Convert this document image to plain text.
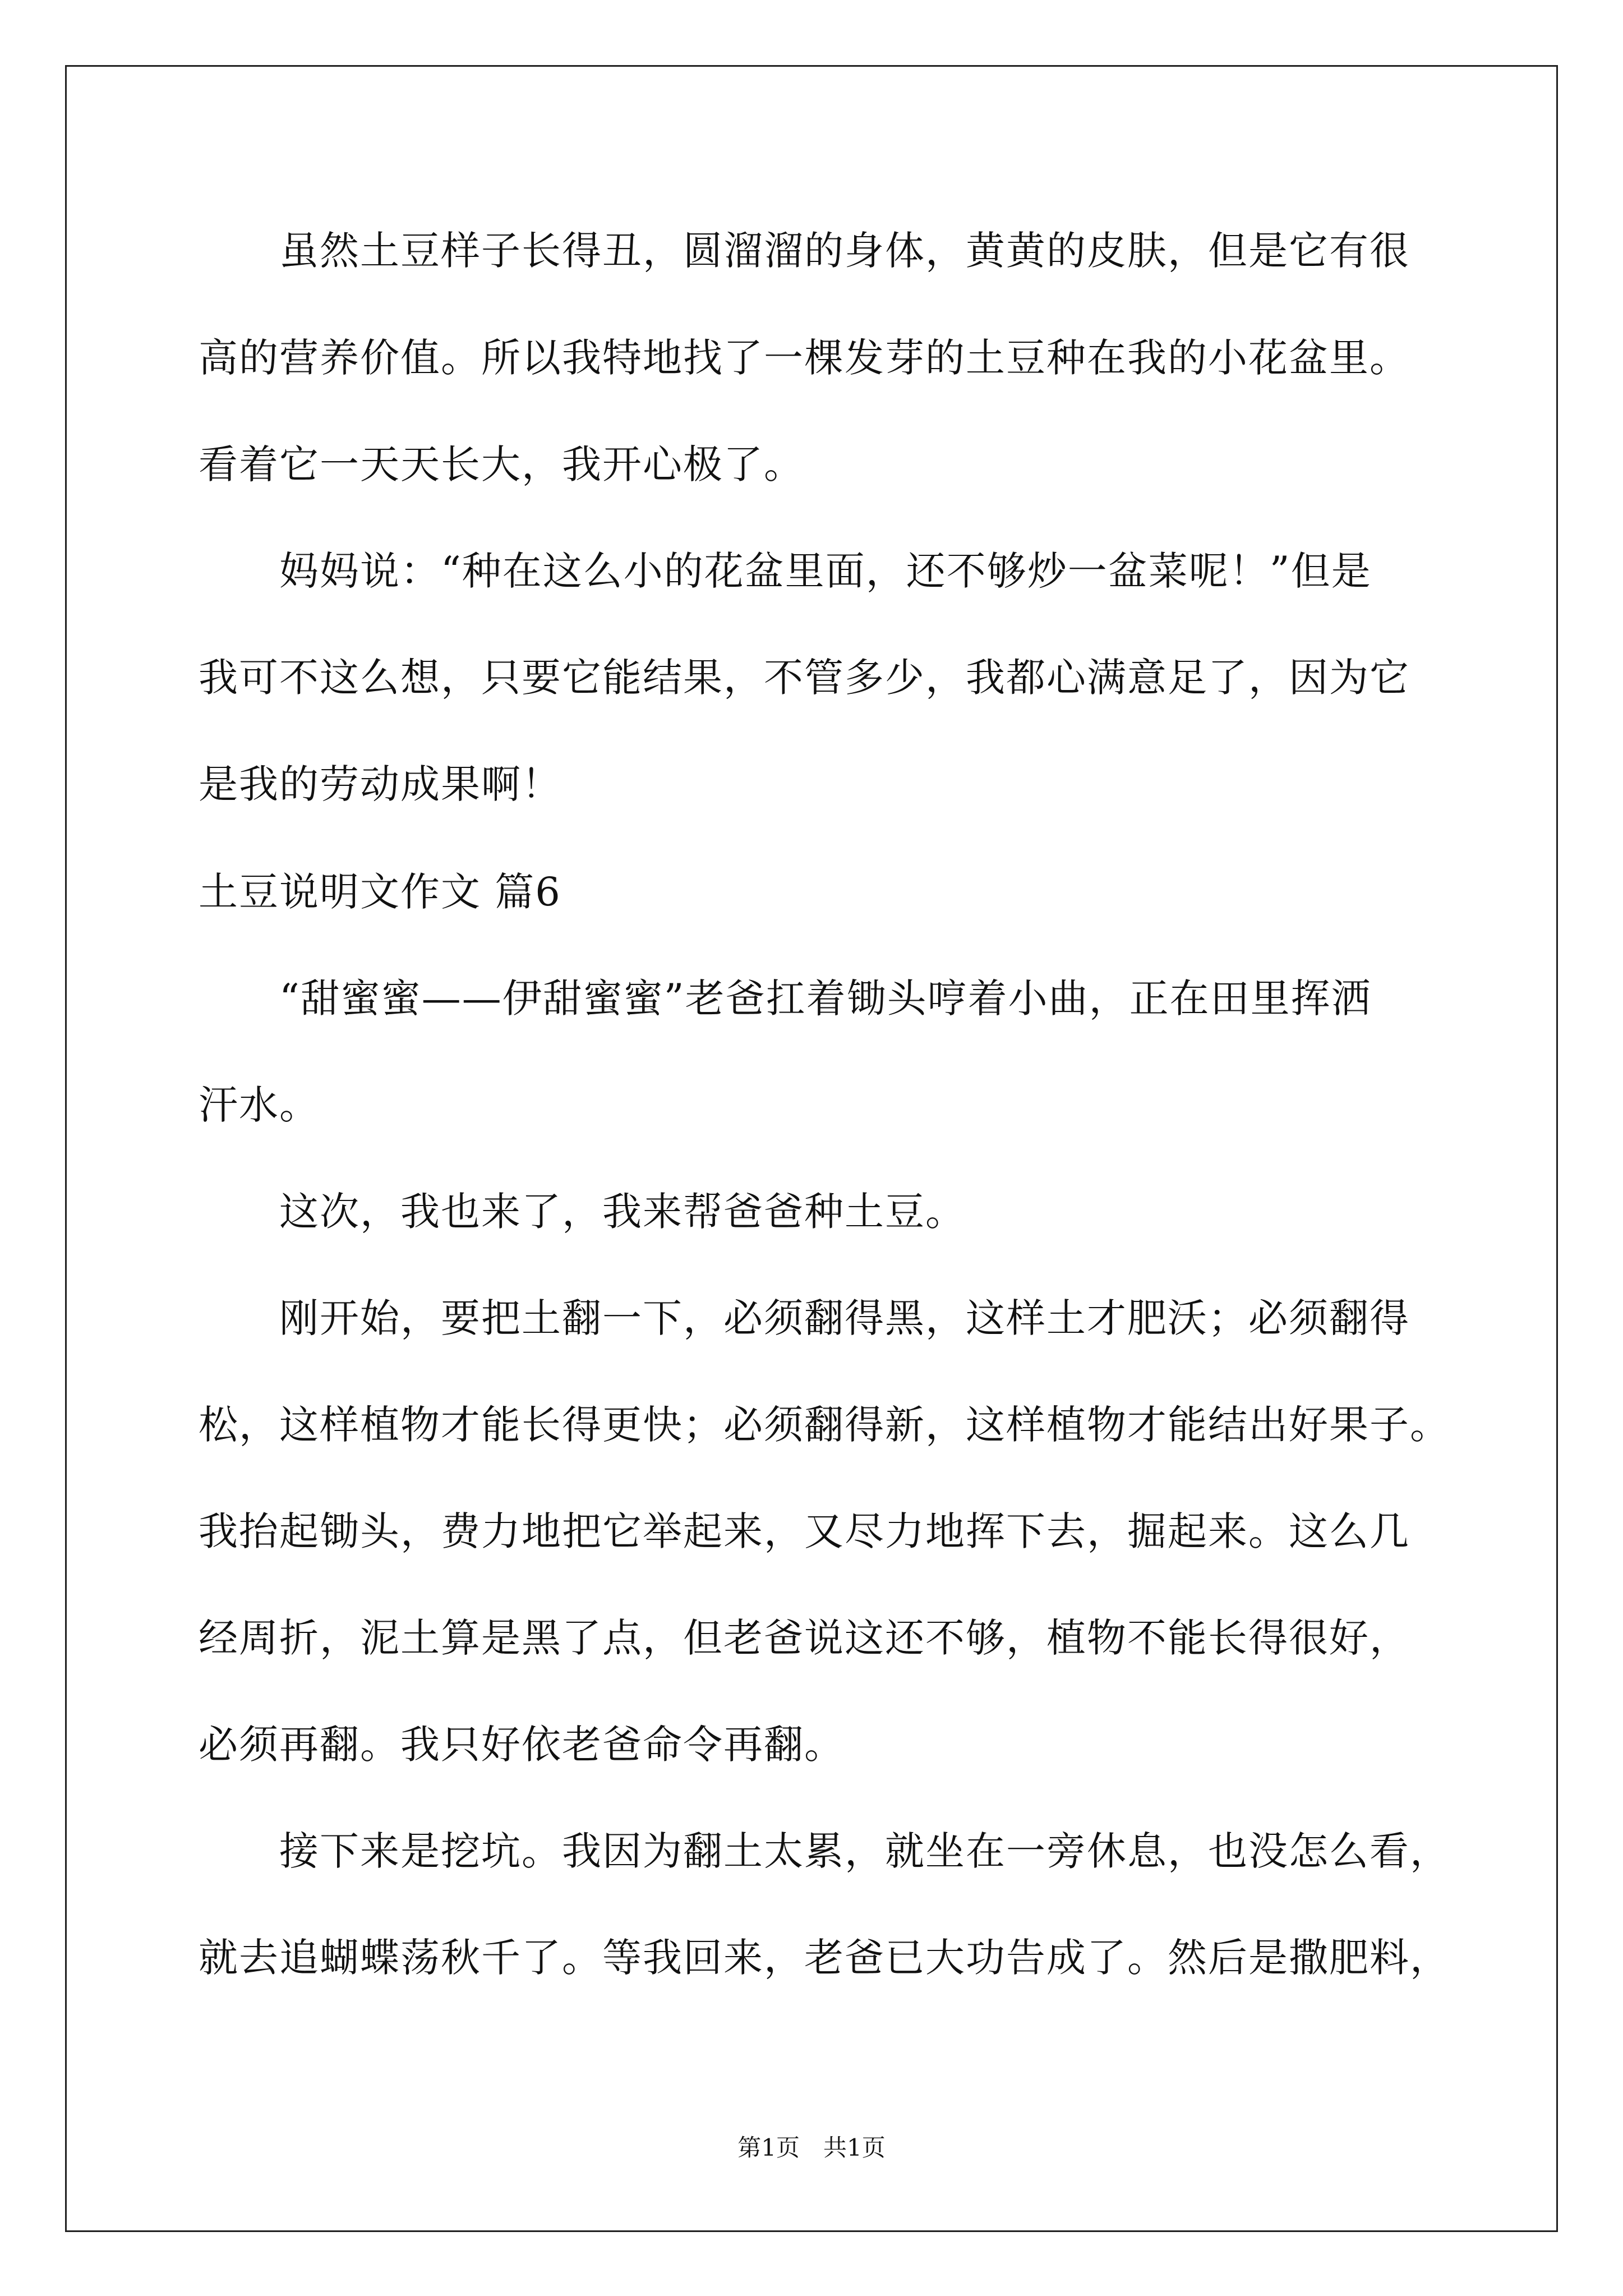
　　虽然土豆样子长得丑，圆溜溜的身体，黄黄的皮肤，但是它有很
高的营养价值。所以我特地找了一棵发芽的土豆种在我的小花盆里。
看着它一天天长大，我开心极了。
　　妈妈说：“种在这么小的花盆里面，还不够炒一盆菜呢！”但是
我可不这么想，只要它能结果，不管多少，我都心满意足了，因为它
是我的劳动成果啊！
土豆说明文作文 篇6
　　“甜蜜蜜——伊甜蜜蜜”老爸扛着锄头哼着小曲，正在田里挥洒
汗水。
　　这次，我也来了，我来帮爸爸种土豆。
　　刚开始，要把土翻一下，必须翻得黑，这样土才肥沃；必须翻得
松，这样植物才能长得更快；必须翻得新，这样植物才能结出好果子。
我抬起锄头，费力地把它举起来，又尽力地挥下去，掘起来。这么几
经周折，泥土算是黑了点，但老爸说这还不够，植物不能长得很好，
必须再翻。我只好依老爸命令再翻。
　　接下来是挖坑。我因为翻土太累，就坐在一旁休息，也没怎么看，
就去追蝴蝶荡秋千了。等我回来，老爸已大功告成了。然后是撒肥料，
第1页　共1页
